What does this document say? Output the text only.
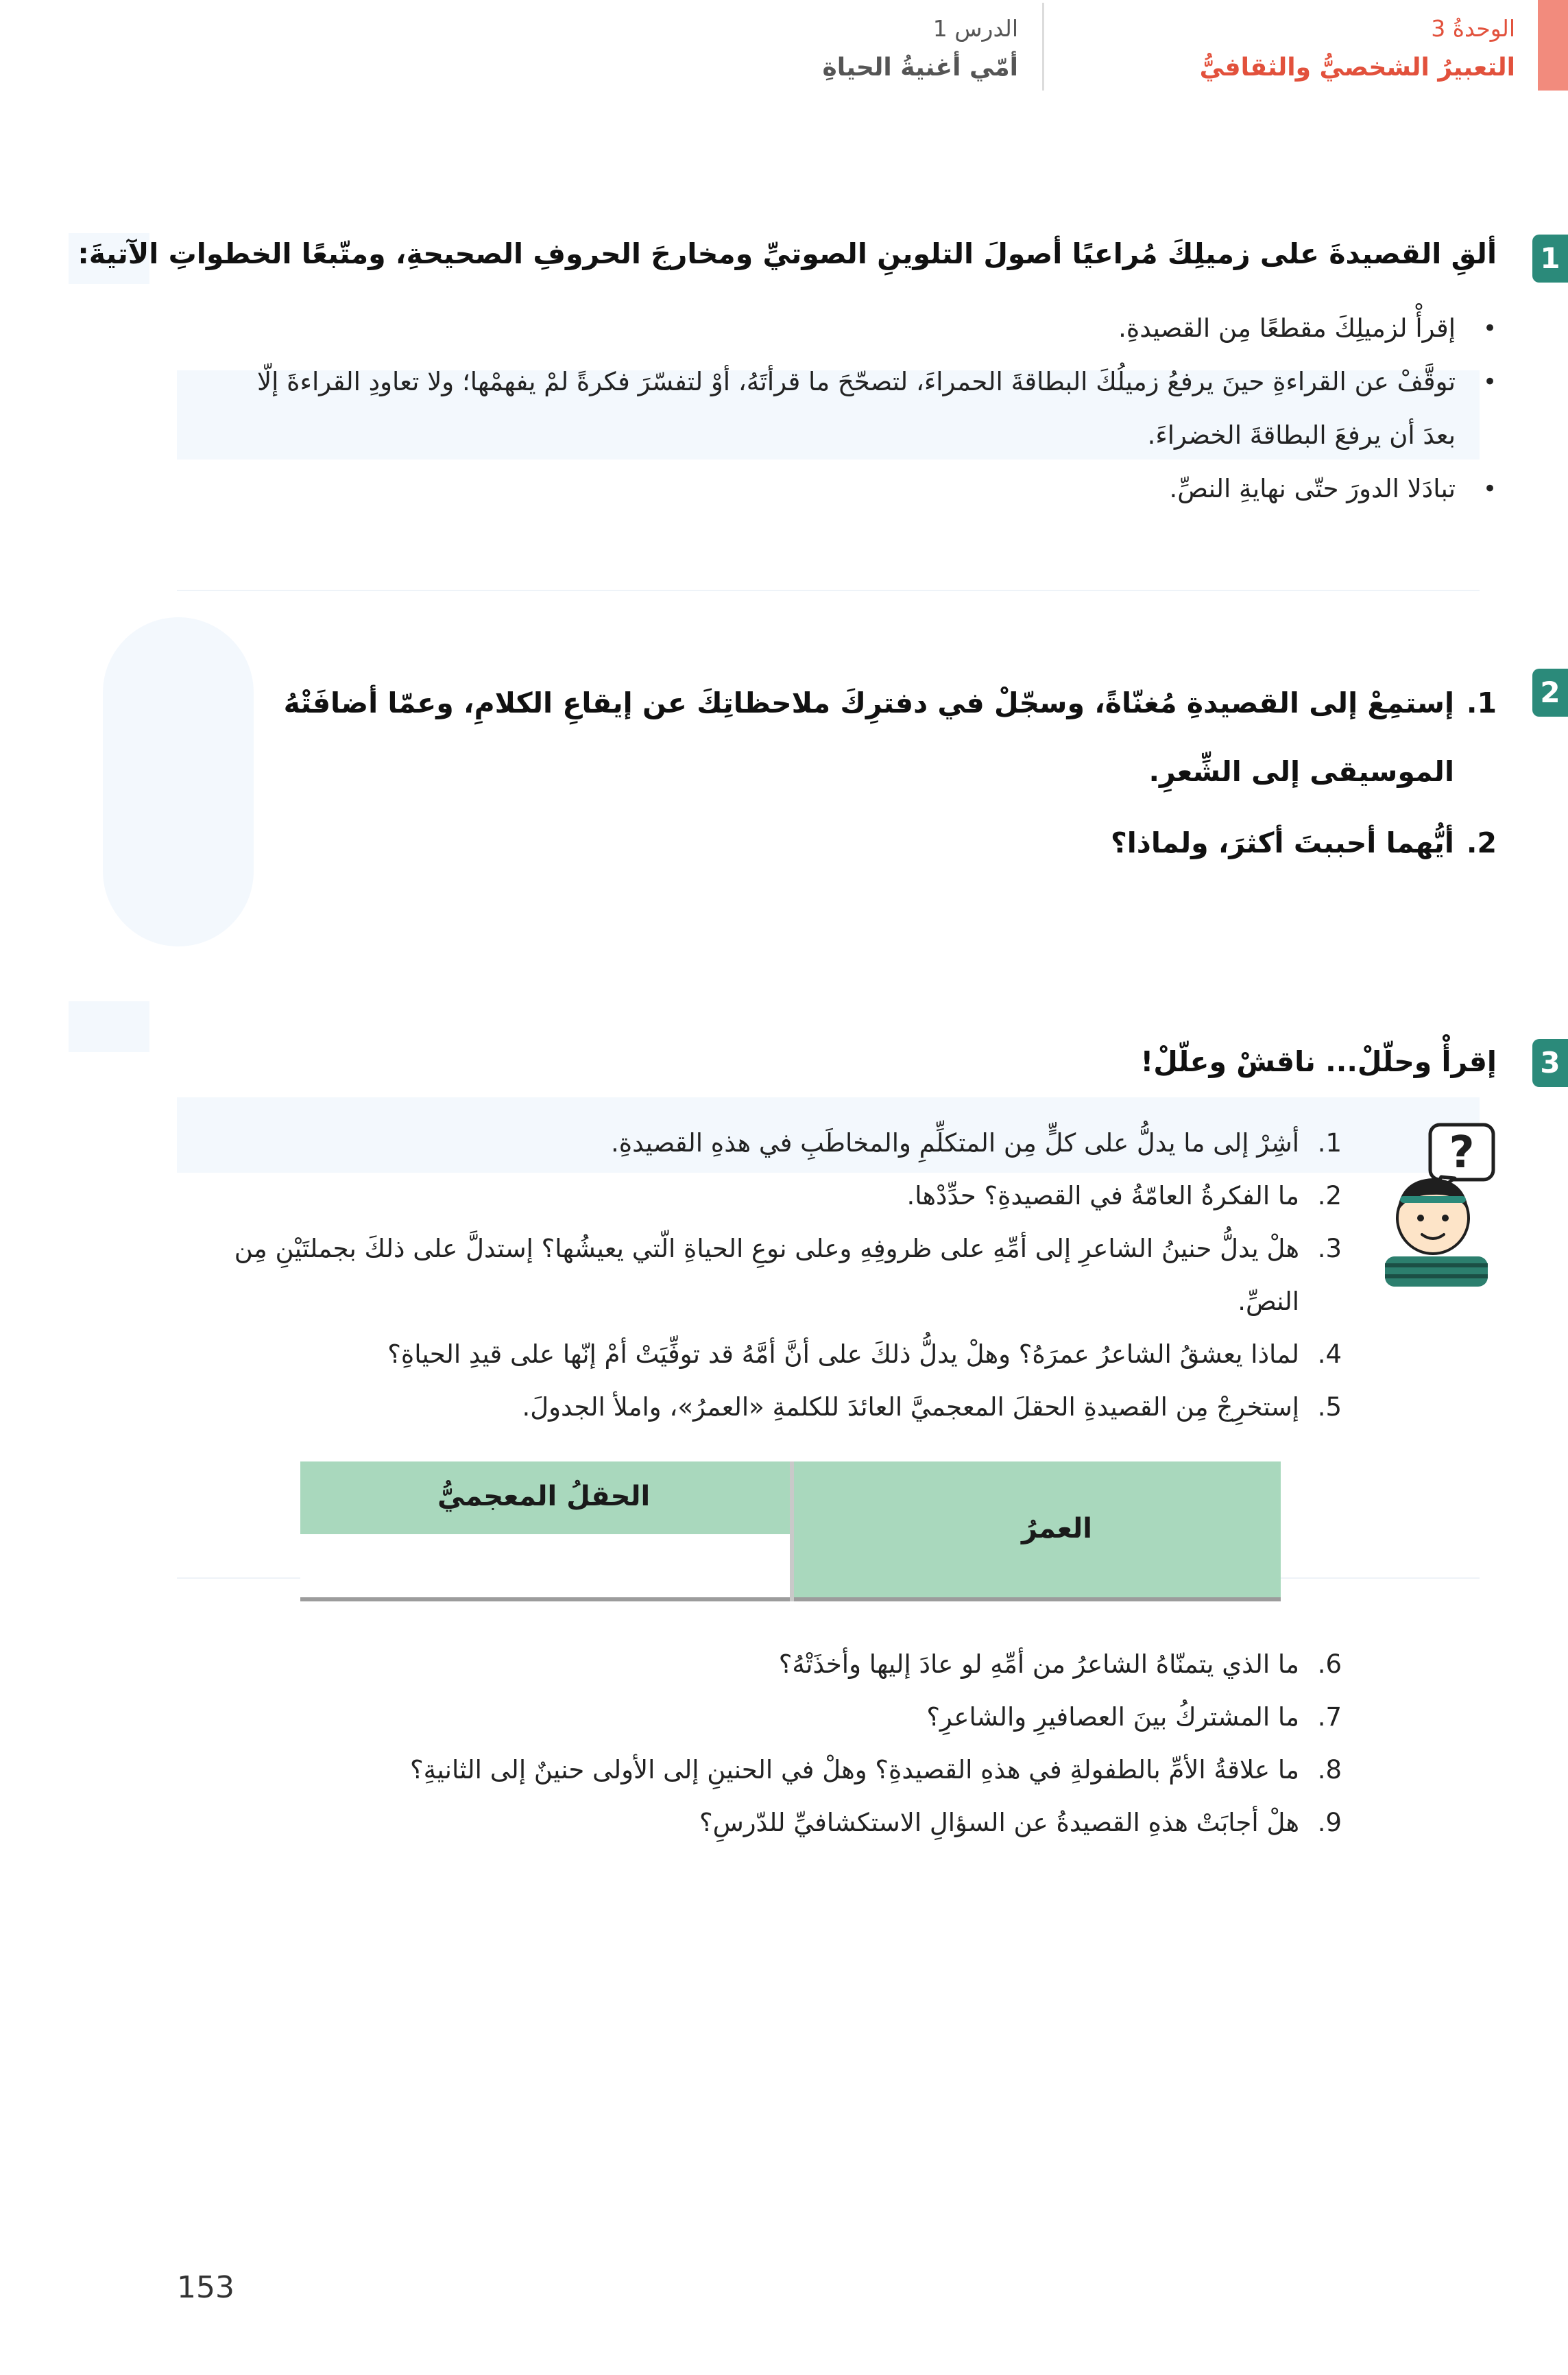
الوحدةُ 3
التعبيرُ الشخصيُّ والثقافيُّ
الدرس 1
أمّي أغنيةُ الحياةِ
1
ألقِ القصيدةَ على زميلِكَ مُراعيًا أصولَ التلوينِ الصوتيِّ ومخارجَ الحروفِ الصحيحةِ، ومتّبعًا الخطواتِ الآتيةَ:
• إقرأْ لزميلِكَ مقطعًا مِن القصيدةِ.
• توقَّفْ عن القراءةِ حينَ يرفعُ زميلُكَ البطاقةَ الحمراءَ، لتصحّحَ ما قرأتَهُ، أوْ لتفسّرَ فكرةً لمْ يفهمْها؛ ولا تعاودِ القراءةَ إلّا بعدَ أن يرفعَ البطاقةَ الخضراءَ.
• تبادَلا الدورَ حتّى نهايةِ النصِّ.
2
1.
إستمِعْ إلى القصيدةِ مُغنّاةً، وسجّلْ في دفترِكَ ملاحظاتِكَ عن إيقاعِ الكلامِ، وعمّا أضافَتْهُ الموسيقى إلى الشِّعرِ.
2.
أيُّهما أحببتَ أكثرَ، ولماذا؟
3
إقرأْ وحلّلْ... ناقشْ وعلّلْ!
?
1.
أشِرْ إلى ما يدلُّ على كلٍّ مِن المتكلِّمِ والمخاطَبِ في هذهِ القصيدةِ.
2.
ما الفكرةُ العامّةُ في القصيدةِ؟ حدِّدْها.
3.
هلْ يدلُّ حنينُ الشاعرِ إلى أمِّهِ على ظروفِهِ وعلى نوعِ الحياةِ الّتي يعيشُها؟ إستدلَّ على ذلكَ بجملتَيْنِ مِن النصِّ.
4.
لماذا يعشقُ الشاعرُ عمرَهُ؟ وهلْ يدلُّ ذلكَ على أنَّ أمَّهُ قد توفِّيَتْ أمْ إنّها على قيدِ الحياةِ؟
5.
إستخرِجْ مِن القصيدةِ الحقلَ المعجميَّ العائدَ للكلمةِ «العمرُ»، واملأ الجدولَ.
العمرُ
الحقلُ المعجميُّ
6.
ما الذي يتمنّاهُ الشاعرُ من أمِّهِ لو عادَ إليها وأخذَتْهُ؟
7.
ما المشتركُ بينَ العصافيرِ والشاعرِ؟
8.
ما علاقةُ الأمِّ بالطفولةِ في هذهِ القصيدةِ؟ وهلْ في الحنينِ إلى الأولى حنينٌ إلى الثانيةِ؟
9.
هلْ أجابَتْ هذهِ القصيدةُ عن السؤالِ الاستكشافيِّ للدّرسِ؟
153
